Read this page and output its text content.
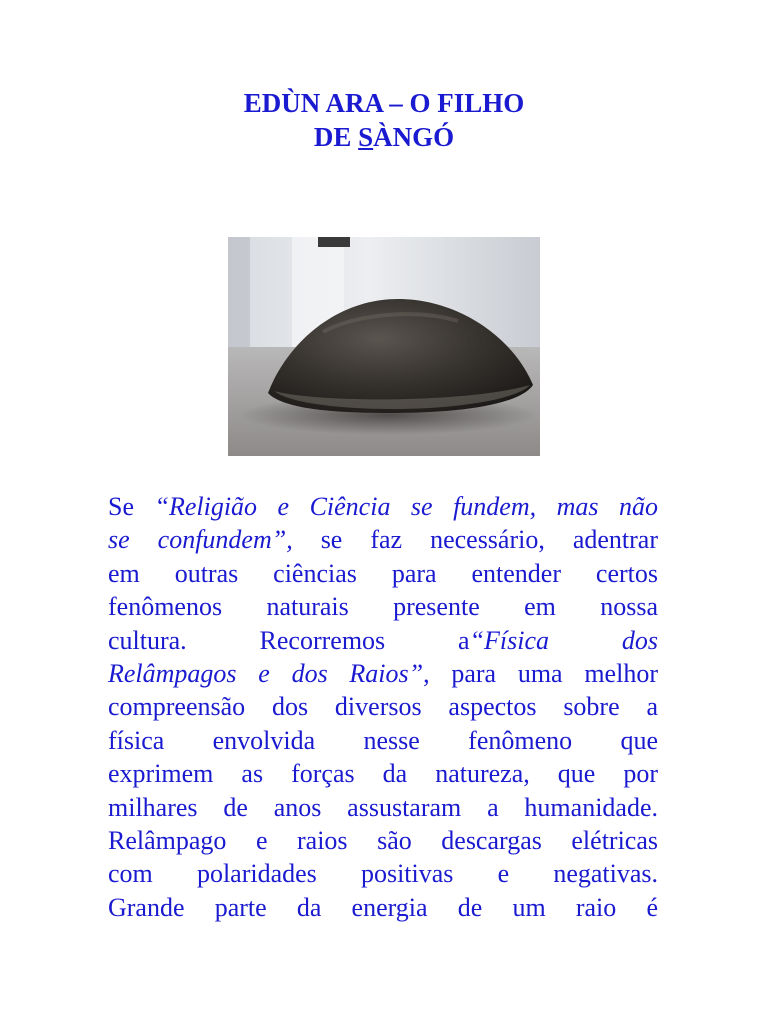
EDÙN ARA – O FILHO
DE SÀNGÓ
Se “Religião e Ciência se fundem, mas não
se confundem”, se faz necessário, adentrar
em outras ciências para entender certos
fenômenos naturais presente em nossa
cultura. Recorremos a“Física dos
Relâmpagos e dos Raios”, para uma melhor
compreensão dos diversos aspectos sobre a
física envolvida nesse fenômeno que
exprimem as forças da natureza, que por
milhares de anos assustaram a humanidade.
Relâmpago e raios são descargas elétricas
com polaridades positivas e negativas.
Grande parte da energia de um raio é
